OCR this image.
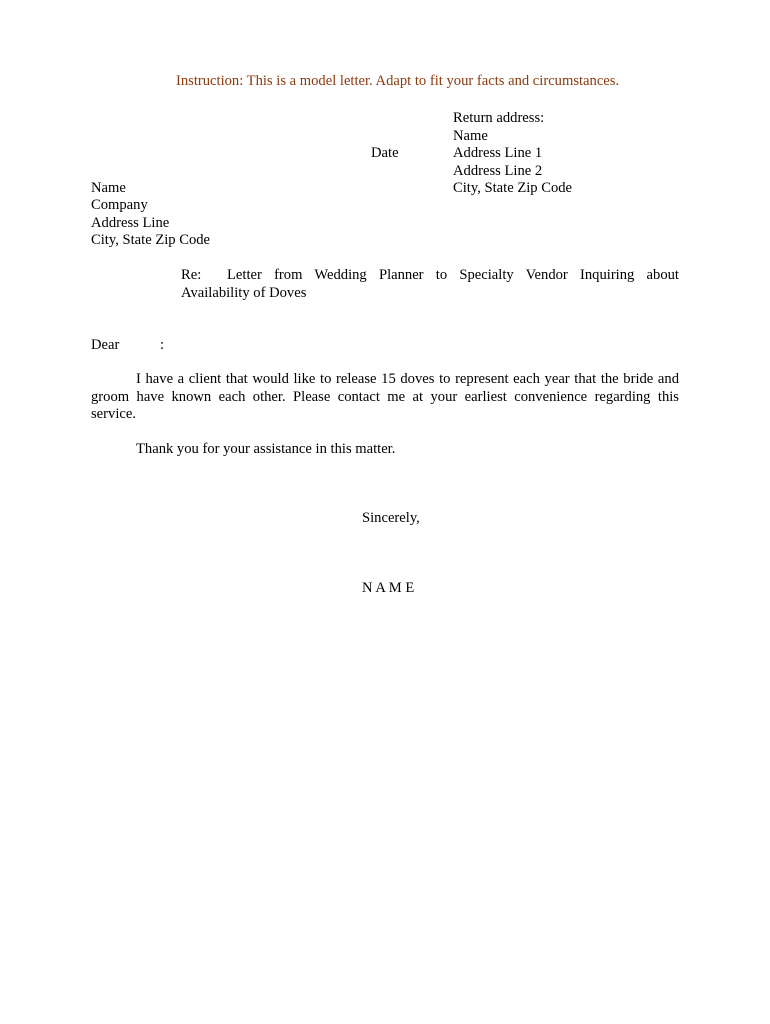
Instruction: This is a model letter. Adapt to fit your facts and circumstances.
Return address:
Name
Address Line 1
Address Line 2
City, State Zip Code
Date
Name
Company
Address Line
City, State Zip Code
Re: Letter from Wedding Planner to Specialty Vendor Inquiring about
Availability of Doves
Dear	:
I have a client that would like to release 15 doves to represent each year that the bride and
groom have known each other. Please contact me at your earliest convenience regarding this
service.
Thank you for your assistance in this matter.
Sincerely,
N A M E
